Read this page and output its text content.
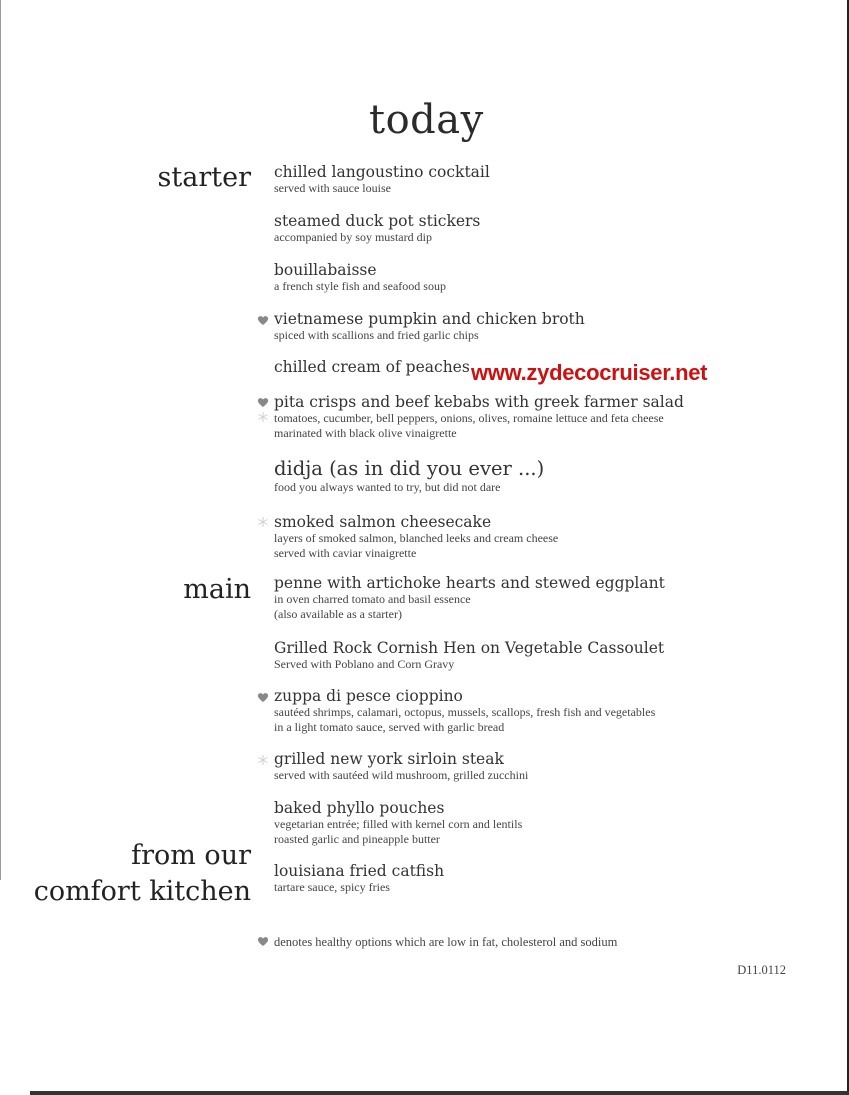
today
starter
main
from our
comfort kitchen
chilled langoustino cocktail
served with sauce louise
steamed duck pot stickers
accompanied by soy mustard dip
bouillabaisse
a french style fish and seafood soup
vietnamese pumpkin and chicken broth
spiced with scallions and fried garlic chips
chilled cream of peaches
pita crisps and beef kebabs with greek farmer salad
tomatoes, cucumber, bell peppers, onions, olives, romaine lettuce and feta cheese
marinated with black olive vinaigrette
didja (as in did you ever ...)
food you always wanted to try, but did not dare
smoked salmon cheesecake
layers of smoked salmon, blanched leeks and cream cheese
served with caviar vinaigrette
penne with artichoke hearts and stewed eggplant
in oven charred tomato and basil essence
(also available as a starter)
Grilled Rock Cornish Hen on Vegetable Cassoulet
Served with Poblano and Corn Gravy
zuppa di pesce cioppino
sautéed shrimps, calamari, octopus, mussels, scallops, fresh fish and vegetables
in a light tomato sauce, served with garlic bread
grilled new york sirloin steak
served with sautéed wild mushroom, grilled zucchini
baked phyllo pouches
vegetarian entrée; filled with kernel corn and lentils
roasted garlic and pineapple butter
louisiana fried catfish
tartare sauce, spicy fries
denotes healthy options which are low in fat, cholesterol and sodium
D11.0112
www.zydecocruiser.net
